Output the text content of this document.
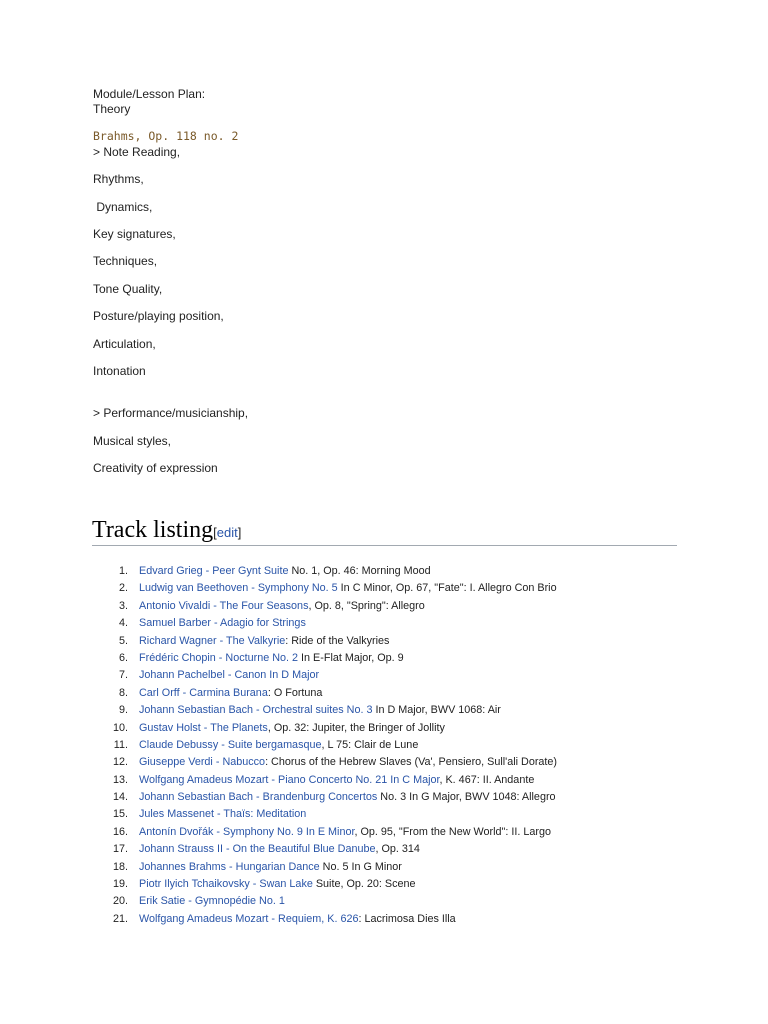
Module/Lesson Plan:

Theory

Brahms, Op. 118 no. 2

> Note Reading,

Rhythms,

Dynamics,

Key signatures,

Techniques,

Tone Quality,

Posture/playing position,

Articulation,

Intonation

> Performance/musicianship,

Musical styles,

Creativity of expression

Track listing[edit]
1. Edvard Grieg - Peer Gynt Suite No. 1, Op. 46: Morning Mood
2. Ludwig van Beethoven - Symphony No. 5 In C Minor, Op. 67, "Fate": I. Allegro Con Brio
3. Antonio Vivaldi - The Four Seasons, Op. 8, "Spring": Allegro
4. Samuel Barber - Adagio for Strings
5. Richard Wagner - The Valkyrie: Ride of the Valkyries
6. Frédéric Chopin - Nocturne No. 2 In E-Flat Major, Op. 9
7. Johann Pachelbel - Canon In D Major
8. Carl Orff - Carmina Burana: O Fortuna
9. Johann Sebastian Bach - Orchestral suites No. 3 In D Major, BWV 1068: Air
10. Gustav Holst - The Planets, Op. 32: Jupiter, the Bringer of Jollity
11. Claude Debussy - Suite bergamasque, L 75: Clair de Lune
12. Giuseppe Verdi - Nabucco: Chorus of the Hebrew Slaves (Va', Pensiero, Sull'ali Dorate)
13. Wolfgang Amadeus Mozart - Piano Concerto No. 21 In C Major, K. 467: II. Andante
14. Johann Sebastian Bach - Brandenburg Concertos No. 3 In G Major, BWV 1048: Allegro
15. Jules Massenet - Thaïs: Meditation
16. Antonín Dvořák - Symphony No. 9 In E Minor, Op. 95, "From the New World": II. Largo
17. Johann Strauss II - On the Beautiful Blue Danube, Op. 314
18. Johannes Brahms - Hungarian Dance No. 5 In G Minor
19. Piotr Ilyich Tchaikovsky - Swan Lake Suite, Op. 20: Scene
20. Erik Satie - Gymnopédie No. 1
21. Wolfgang Amadeus Mozart - Requiem, K. 626: Lacrimosa Dies Illa
